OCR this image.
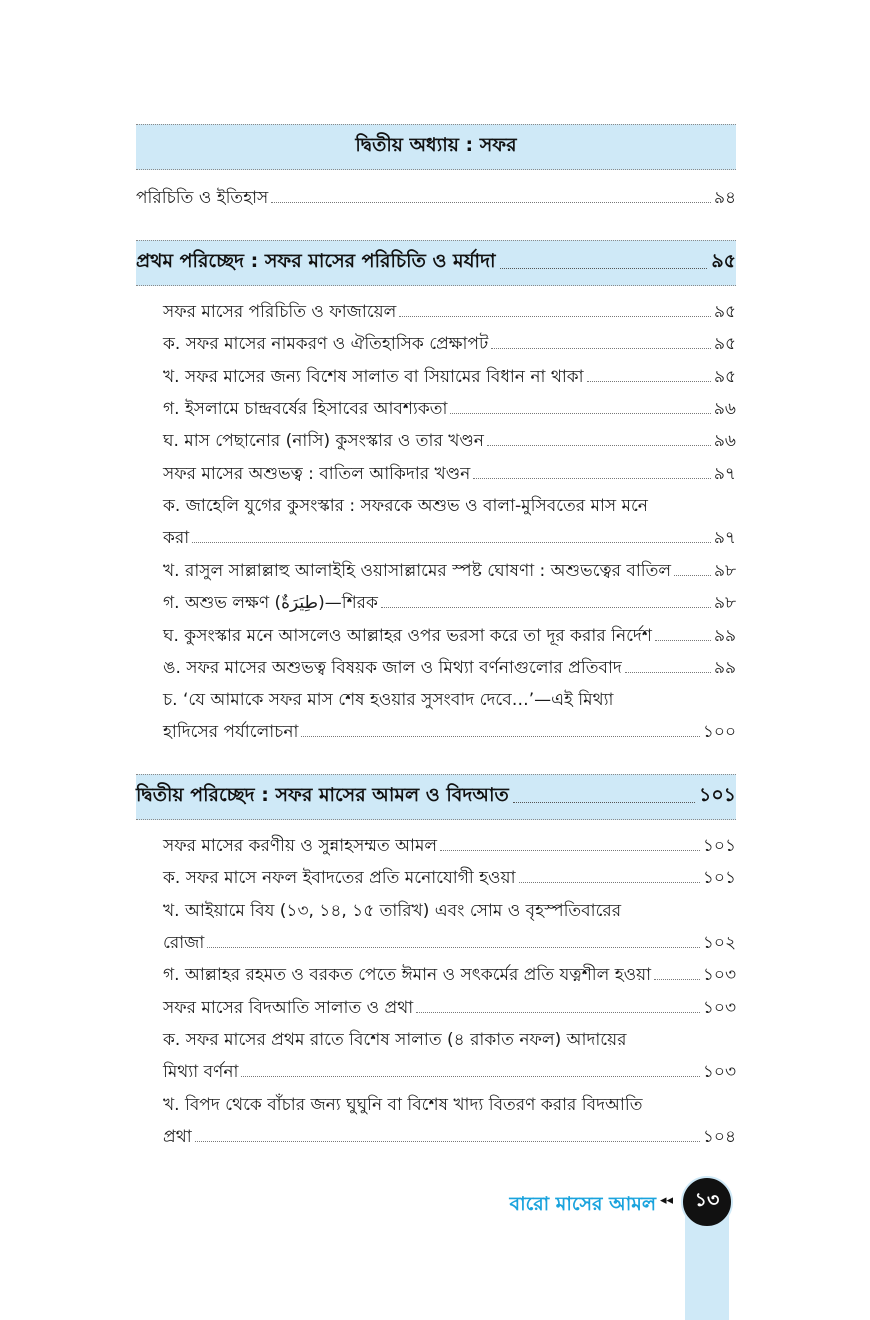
দ্বিতীয় অধ্যায় : সফর
পরিচিতি ও ইতিহাস	৯৪
প্রথম পরিচ্ছেদ : সফর মাসের পরিচিতি ও মর্যাদা	৯৫
সফর মাসের পরিচিতি ও ফাজায়েল	৯৫
ক. সফর মাসের নামকরণ ও ঐতিহাসিক প্রেক্ষাপট	৯৫
খ. সফর মাসের জন্য বিশেষ সালাত বা সিয়ামের বিধান না থাকা	৯৫
গ. ইসলামে চান্দ্রবর্ষের হিসাবের আবশ্যকতা	৯৬
ঘ. মাস পেছানোর (নাসি) কুসংস্কার ও তার খণ্ডন	৯৬
সফর মাসের অশুভত্ব : বাতিল আকিদার খণ্ডন	৯৭
ক. জাহেলি যুগের কুসংস্কার : সফরকে অশুভ ও বালা-মুসিবতের মাস মনে
করা	৯৭
খ. রাসুল সাল্লাল্লাহু আলাইহি ওয়াসাল্লামের স্পষ্ট ঘোষণা : অশুভত্বের বাতিল	৯৮
গ. অশুভ লক্ষণ (طِيَرَةٌ)—শিরক	৯৮
ঘ. কুসংস্কার মনে আসলেও আল্লাহর ওপর ভরসা করে তা দূর করার নির্দেশ	৯৯
ঙ. সফর মাসের অশুভত্ব বিষয়ক জাল ও মিথ্যা বর্ণনাগুলোর প্রতিবাদ	৯৯
চ. ‘যে আমাকে সফর মাস শেষ হওয়ার সুসংবাদ দেবে…’—এই মিথ্যা
হাদিসের পর্যালোচনা	১০০
দ্বিতীয় পরিচ্ছেদ : সফর মাসের আমল ও বিদআত	১০১
সফর মাসের করণীয় ও সুন্নাহসম্মত আমল	১০১
ক. সফর মাসে নফল ইবাদতের প্রতি মনোযোগী হওয়া	১০১
খ. আইয়ামে বিয (১৩, ১৪, ১৫ তারিখ) এবং সোম ও বৃহস্পতিবারের
রোজা	১০২
গ. আল্লাহর রহমত ও বরকত পেতে ঈমান ও সৎকর্মের প্রতি যত্নশীল হওয়া	১০৩
সফর মাসের বিদআতি সালাত ও প্রথা	১০৩
ক. সফর মাসের প্রথম রাতে বিশেষ সালাত (৪ রাকাত নফল) আদায়ের
মিথ্যা বর্ণনা	১০৩
খ. বিপদ থেকে বাঁচার জন্য ঘুঘুনি বা বিশেষ খাদ্য বিতরণ করার বিদআতি
প্রথা	১০৪
বারো মাসের আমল ◂◂	১৩
